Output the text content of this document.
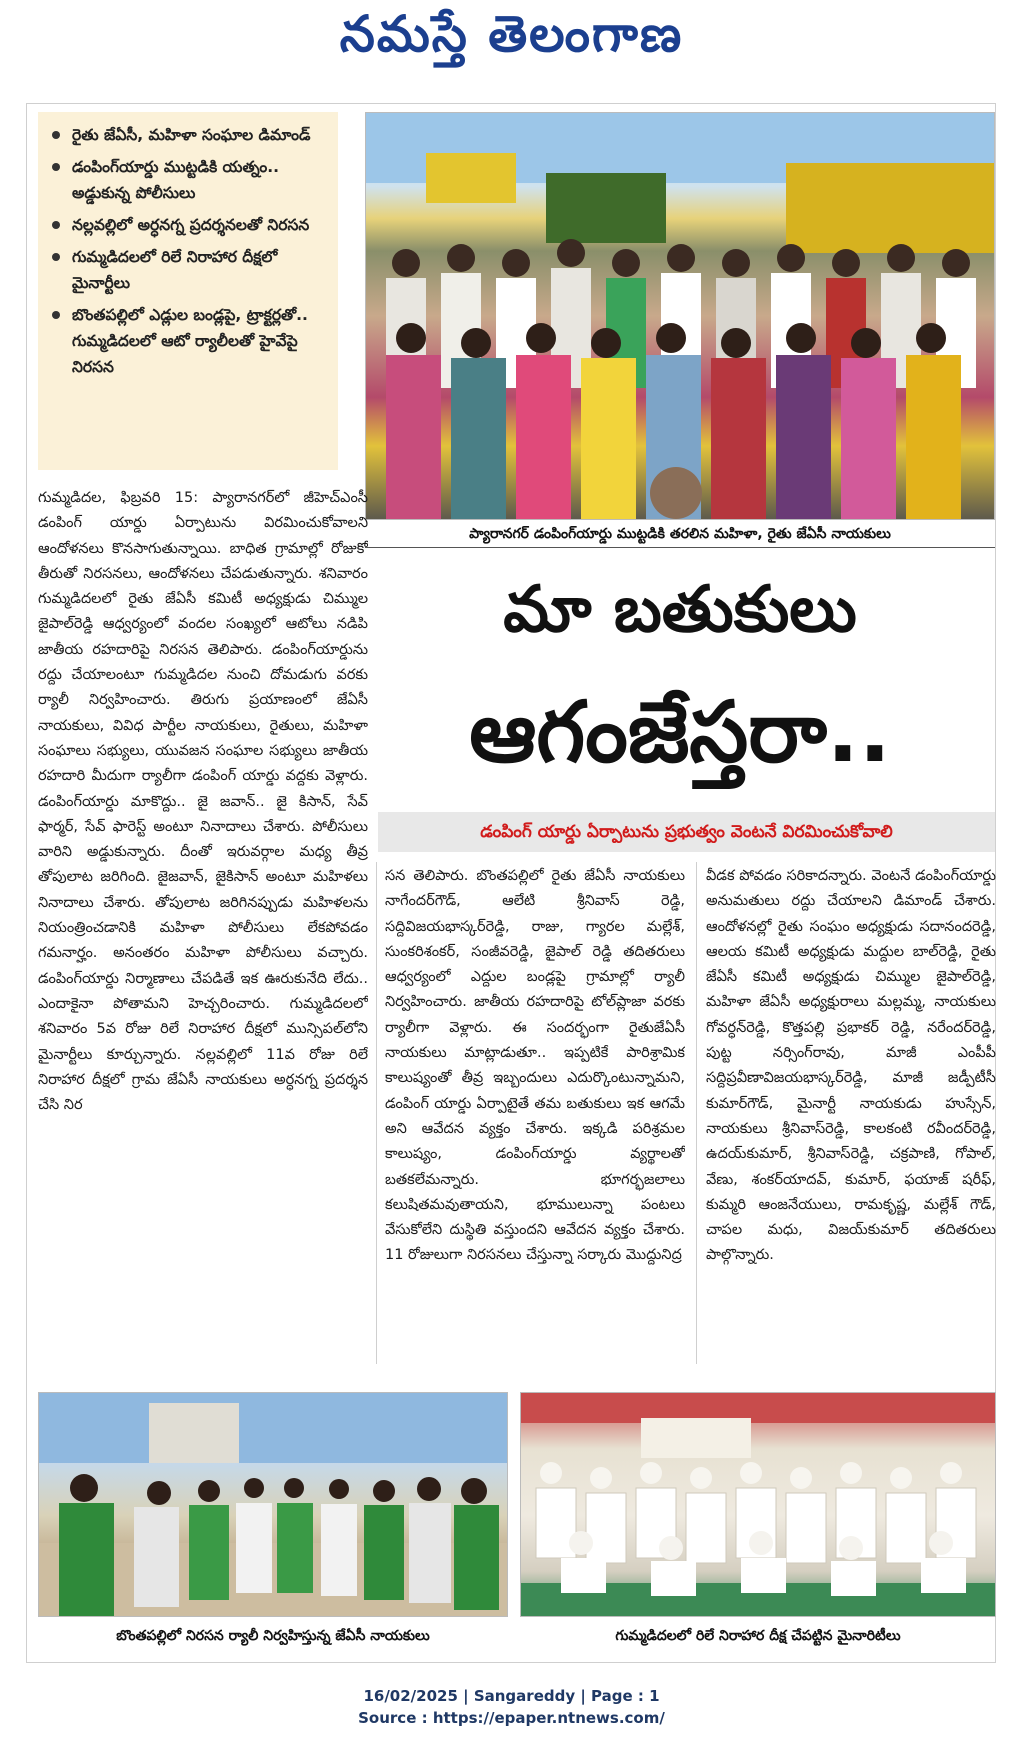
నమస్తే తెలంగాణ
రైతు జేఏసీ, మహిళా సంఘాల డిమాండ్
డంపింగ్‌యార్డు ముట్టడికి యత్నం.. అడ్డుకున్న పోలీసులు
నల్లవల్లిలో అర్ధనగ్న ప్రదర్శనలతో నిరసన
గుమ్మడిదలలో రిలే నిరాహార దీక్షలో మైనార్టీలు
బొంతపల్లిలో ఎడ్లుల బండ్లపై, ట్రాక్టర్లతో.. గుమ్మడిదలలో ఆటో ర్యాలీలతో హైవేపై నిరసన
ప్యారానగర్ డంపింగ్‌యార్డు ముట్టడికి తరలిన మహిళా, రైతు జేఏసీ నాయకులు
మా బతుకులు
ఆగంజేస్తరా..
డంపింగ్ యార్డు ఏర్పాటును ప్రభుత్వం వెంటనే విరమించుకోవాలి
గుమ్మడిదల, ఫిబ్రవరి 15: ప్యారానగర్‌లో జీహెచ్‌ఎంసీ డంపింగ్ యార్డు ఏర్పాటును విరమించుకోవాలని ఆందోళనలు కొనసాగుతున్నాయి. బాధిత గ్రామాల్లో రోజుకో తీరుతో నిరసనలు, ఆందోళనలు చేపడుతున్నారు. శనివారం గుమ్మడిదలలో రైతు జేఏసీ కమిటీ అధ్యక్షుడు చిమ్ముల జైపాల్‌రెడ్డి ఆధ్వర్యంలో వందల సంఖ్యలో ఆటోలు నడిపి జాతీయ రహదారిపై నిరసన తెలిపారు. డంపింగ్‌యార్డును రద్దు చేయాలంటూ గుమ్మడిదల నుంచి దోమడుగు వరకు ర్యాలీ నిర్వహించారు. తిరుగు ప్రయాణంలో జేఏసీ నాయకులు, వివిధ పార్టీల నాయకులు, రైతులు, మహిళా సంఘాలు సభ్యులు, యువజన సంఘాల సభ్యులు జాతీయ రహదారి మీదుగా ర్యాలీగా డంపింగ్ యార్డు వద్దకు వెళ్లారు. డంపింగ్‌యార్డు మాకొద్దు.. జై జవాన్.. జై కిసాన్, సేవ్ ఫార్మర్, సేవ్ ఫారెస్ట్ అంటూ నినాదాలు చేశారు. పోలీసులు వారిని అడ్డుకున్నారు. దీంతో ఇరువర్గాల మధ్య తీవ్ర తోపులాట జరిగింది. జైజవాన్, జైకిసాన్ అంటూ మహిళలు నినాదాలు చేశారు. తోపులాట జరిగినప్పుడు మహిళలను నియంత్రించడానికి మహిళా పోలీసులు లేకపోవడం గమనార్హం. అనంతరం మహిళా పోలీసులు వచ్చారు. డంపింగ్‌యార్డు నిర్మాణాలు చేపడితే ఇక ఊరుకునేది లేదు.. ఎందాకైనా పోతామని హెచ్చరించారు. గుమ్మడిదలలో శనివారం 5వ రోజు రిలే నిరాహార దీక్షలో మున్సిపల్‌లోని మైనార్టీలు కూర్చున్నారు. నల్లవల్లిలో 11వ రోజు రిలే నిరాహార దీక్షలో గ్రామ జేఏసీ నాయకులు అర్ధనగ్న ప్రదర్శన చేసి నిర
సన తెలిపారు. బొంతపల్లిలో రైతు జేఏసీ నాయకులు నాగేందర్‌గౌడ్, ఆలేటి శ్రీనివాస్ రెడ్డి, సద్దివిజయభాస్కర్‌రెడ్డి, రాజు, గ్యారల మల్లేశ్, సుంకరిశంకర్, సంజీవరెడ్డి, జైపాల్ రెడ్డి తదితరులు ఆధ్వర్యంలో ఎద్దుల బండ్లపై గ్రామాల్లో ర్యాలీ నిర్వహించారు. జాతీయ రహదారిపై టోల్‌ప్లాజా వరకు ర్యాలీగా వెళ్లారు. ఈ సందర్భంగా రైతుజేఏసీ నాయకులు మాట్లాడుతూ.. ఇప్పటికే పారిశ్రామిక కాలుష్యంతో తీవ్ర ఇబ్బందులు ఎదుర్కొంటున్నామని, డంపింగ్ యార్డు ఏర్పాటైతే తమ బతుకులు ఇక ఆగమే అని ఆవేదన వ్యక్తం చేశారు. ఇక్కడి పరిశ్రమల కాలుష్యం, డంపింగ్‌యార్డు వ్యర్థాలతో బతకలేమన్నారు. భూగర్భజలాలు కలుషితమవుతాయని, భూములున్నా పంటలు వేసుకోలేని దుస్థితి వస్తుందని ఆవేదన వ్యక్తం చేశారు. 11 రోజులుగా నిరసనలు చేస్తున్నా సర్కారు మొద్దునిద్ర
వీడక పోవడం సరికాదన్నారు. వెంటనే డంపింగ్‌యార్డు అనుమతులు రద్దు చేయాలని డిమాండ్ చేశారు. ఆందోళనల్లో రైతు సంఘం అధ్యక్షుడు సదానందరెడ్డి, ఆలయ కమిటీ అధ్యక్షుడు మద్దుల బాల్‌రెడ్డి, రైతు జేఏసీ కమిటీ అధ్యక్షుడు చిమ్ముల జైపాల్‌రెడ్డి, మహిళా జేఏసీ అధ్యక్షురాలు మల్లమ్మ, నాయకులు గోవర్ధన్‌రెడ్డి, కొత్తపల్లి ప్రభాకర్ రెడ్డి, నరేందర్‌రెడ్డి, పుట్ట నర్సింగ్‌రావు, మాజీ ఎంపీపీ సద్దిప్రవీణావిజయభాస్కర్‌రెడ్డి, మాజీ జడ్పీటీసీ కుమార్‌గౌడ్, మైనార్టీ నాయకుడు హుస్సేన్, నాయకులు శ్రీనివాస్‌రెడ్డి, కాలకంటి రవీందర్‌రెడ్డి, ఉదయ్‌కుమార్, శ్రీనివాస్‌రెడ్డి, చక్రపాణి, గోపాల్, వేణు, శంకర్‌యాదవ్, కుమార్, ఫయాజ్ షరీఫ్, కుమ్మరి ఆంజనేయులు, రామకృష్ణ, మల్లేశ్ గౌడ్, చాపల మధు, విజయ్‌కుమార్ తదితరులు పాల్గొన్నారు.
బొంతపల్లిలో నిరసన ర్యాలీ నిర్వహిస్తున్న జేఏసీ నాయకులు	గుమ్మడిదలలో రిలే నిరాహార దీక్ష చేపట్టిన మైనారిటీలు
16/02/2025 | Sangareddy | Page : 1
Source : https://epaper.ntnews.com/
